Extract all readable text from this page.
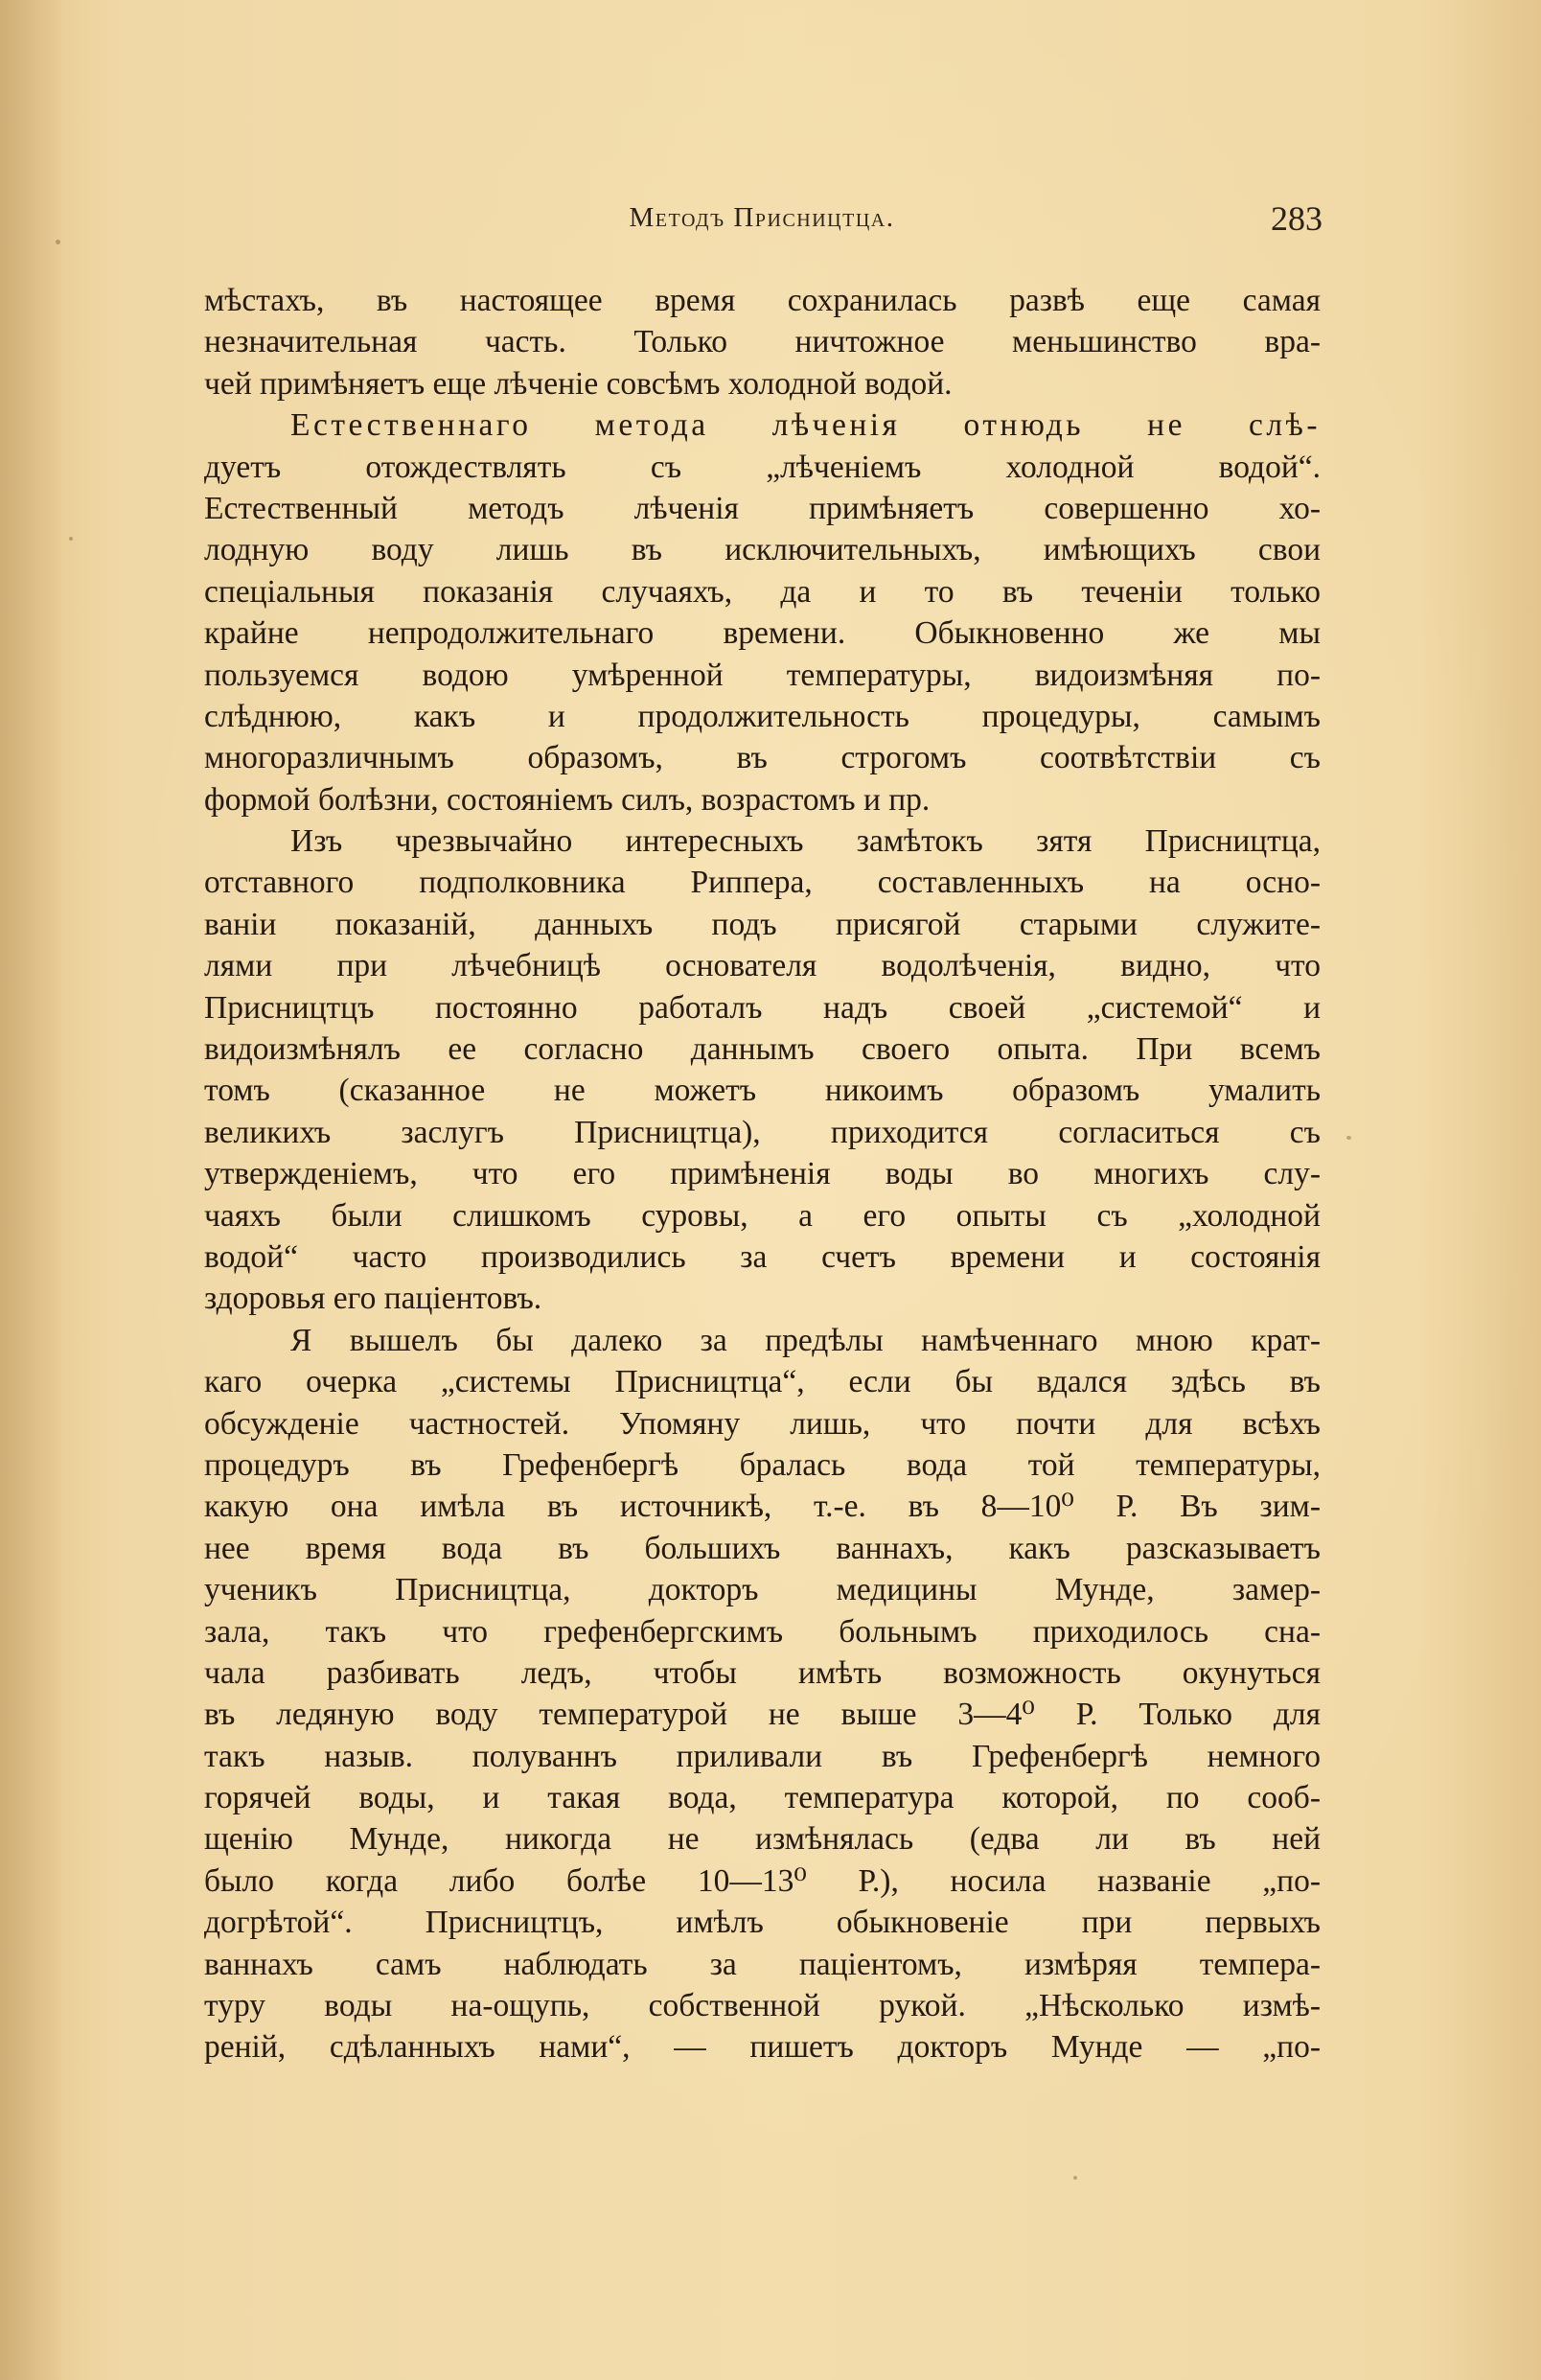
Методъ Присництца.	283
мѣстахъ, въ настоящее время сохранилась развѣ еще самая
незначительная часть. Только ничтожное меньшинство вра-
чей примѣняетъ еще лѣченіе совсѣмъ холодной водой.
Естественнаго метода лѣченія отнюдь не слѣ-
дуетъ отождествлять съ „лѣченіемъ холодной водой“.
Естественный методъ лѣченія примѣняетъ совершенно хо-
лодную воду лишь въ исключительныхъ, имѣющихъ свои
спеціальныя показанія случаяхъ, да и то въ теченіи только
крайне непродолжительнаго времени. Обыкновенно же мы
пользуемся водою умѣренной температуры, видоизмѣняя по-
слѣднюю, какъ и продолжительность процедуры, самымъ
многоразличнымъ образомъ, въ строгомъ соотвѣтствіи съ
формой болѣзни, состояніемъ силъ, возрастомъ и пр.
Изъ чрезвычайно интересныхъ замѣтокъ зятя Присництца,
отставного подполковника Риппера, составленныхъ на осно-
ваніи показаній, данныхъ подъ присягой старыми служите-
лями при лѣчебницѣ основателя водолѣченія, видно, что
Присництцъ постоянно работалъ надъ своей „системой“ и
видоизмѣнялъ ее согласно даннымъ своего опыта. При всемъ
томъ (сказанное не можетъ никоимъ образомъ умалить
великихъ заслугъ Присництца), приходится согласиться съ
утвержденіемъ, что его примѣненія воды во многихъ слу-
чаяхъ были слишкомъ суровы, а его опыты съ „холодной
водой“ часто производились за счетъ времени и состоянія
здоровья его паціентовъ.
Я вышелъ бы далеко за предѣлы намѣченнаго мною крат-
каго очерка „системы Присництца“, если бы вдался здѣсь въ
обсужденіе частностей. Упомяну лишь, что почти для всѣхъ
процедуръ въ Грефенбергѣ бралась вода той температуры,
какую она имѣла въ источникѣ, т.-е. въ 8—10⁰ Р. Въ зим-
нее время вода въ большихъ ваннахъ, какъ разсказываетъ
ученикъ Присництца, докторъ медицины Мунде, замер-
зала, такъ что грефенбергскимъ больнымъ приходилось сна-
чала разбивать ледъ, чтобы имѣть возможность окунуться
въ ледяную воду температурой не выше 3—4⁰ Р. Только для
такъ назыв. полуваннъ приливали въ Грефенбергѣ немного
горячей воды, и такая вода, температура которой, по сооб-
щенію Мунде, никогда не измѣнялась (едва ли въ ней
было когда либо болѣе 10—13⁰ Р.), носила названіе „по-
догрѣтой“. Присництцъ, имѣлъ обыкновеніе при первыхъ
ваннахъ самъ наблюдать за паціентомъ, измѣряя темпера-
туру воды на-ощупь, собственной рукой. „Нѣсколько измѣ-
реній, сдѣланныхъ нами“, — пишетъ докторъ Мунде — „по-
